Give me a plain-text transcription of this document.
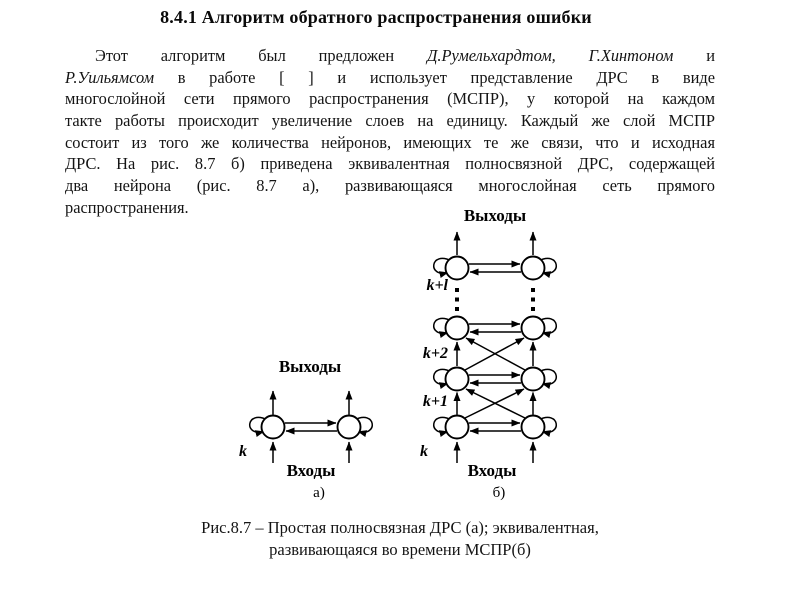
8.4.1 Алгоритм обратного распространения ошибки
Этот алгоритм был предложен Д.Румельхардтом, Г.Хинтоном и
Р.Уильямсом в работе [ ] и использует представление ДРС в виде
многослойной сети прямого распространения (МСПР), у которой на каждом
такте работы происходит увеличение слоев на единицу. Каждый же слой МСПР
состоит из того же количества нейронов, имеющих те же связи, что и исходная
ДРС. На рис. 8.7 б) приведена эквивалентная полносвязной ДРС, содержащей
два нейрона (рис. 8.7 а), развивающаяся многослойная сеть прямого
распространения.
Выходы
k
Входы
а)
Выходы
k+l
k+2
k+1
k
Входы
б)
Рис.8.7 – Простая полносвязная ДРС (а); эквивалентная,
развивающаяся во времени МСПР(б)
